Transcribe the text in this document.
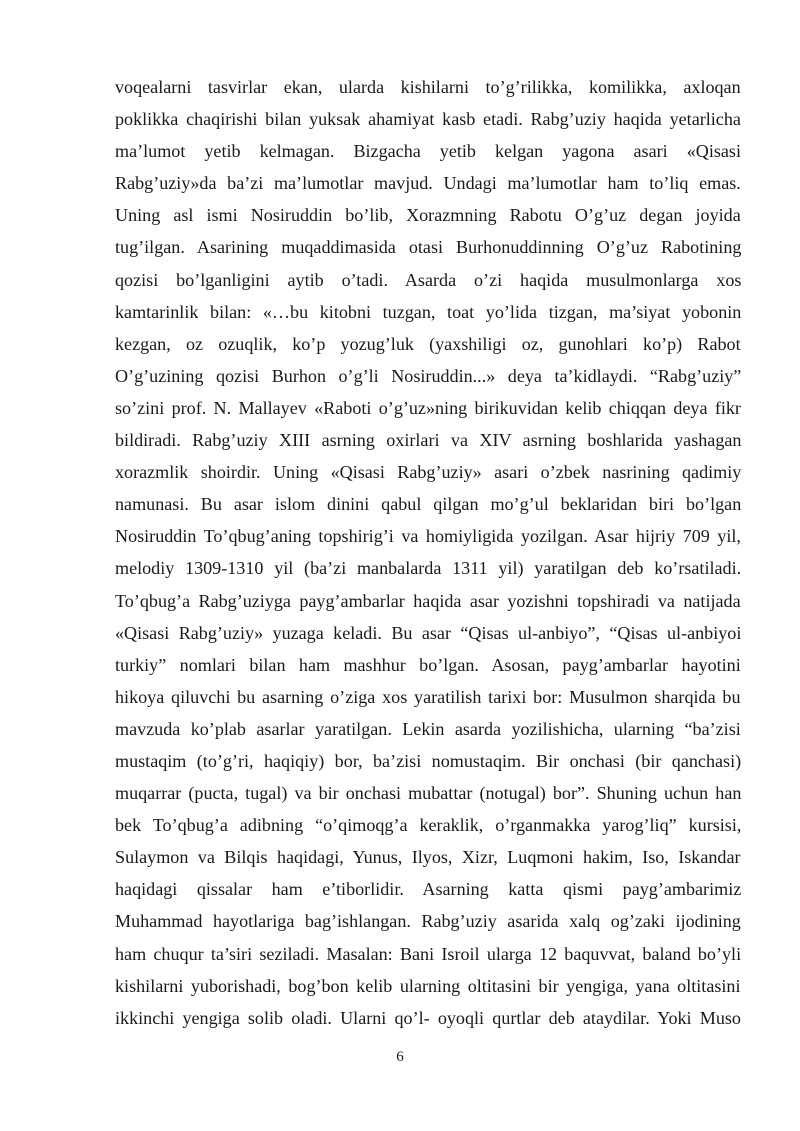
voqealarni tasvirlar ekan, ularda kishilarni to’g’rilikka, komilikka, axloqan
poklikka chaqirishi bilan yuksak ahamiyat kasb etadi. Rabg’uziy haqida yetarlicha
ma’lumot yetib kelmagan. Bizgacha yetib kelgan yagona asari «Qisasi
Rabg’uziy»da ba’zi ma’lumotlar mavjud. Undagi ma’lumotlar ham to’liq emas.
Uning asl ismi Nosiruddin bo’lib, Xorazmning Rabotu O’g’uz degan joyida
tug’ilgan. Asarining muqaddimasida otasi Burhonuddinning O’g’uz Rabotining
qozisi bo’lganligini aytib o’tadi. Asarda o’zi haqida musulmonlarga xos
kamtarinlik bilan: «…bu kitobni tuzgan, toat yo’lida tizgan, ma’siyat yobonin
kezgan, oz ozuqlik, ko’p yozug’luk (yaxshiligi oz, gunohlari ko’p) Rabot
O’g’uzining qozisi Burhon o’g’li Nosiruddin...» deya ta’kidlaydi. “Rabg’uziy”
so’zini prof. N. Mallayev «Raboti o’g’uz»ning birikuvidan kelib chiqqan deya fikr
bildiradi. Rabg’uziy XIII asrning oxirlari va XIV asrning boshlarida yashagan
xorazmlik shoirdir. Uning «Qisasi Rabg’uziy» asari o’zbek nasrining qadimiy
namunasi. Bu asar islom dinini qabul qilgan mo’g’ul beklaridan biri bo’lgan
Nosiruddin To’qbug’aning topshirig’i va homiyligida yozilgan. Asar hijriy 709 yil,
melodiy 1309-1310 yil (ba’zi manbalarda 1311 yil) yaratilgan deb ko’rsatiladi.
To’qbug’a Rabg’uziyga payg’ambarlar haqida asar yozishni topshiradi va natijada
«Qisasi Rabg’uziy» yuzaga keladi. Bu asar “Qisas ul-anbiyo”, “Qisas ul-anbiyoi
turkiy” nomlari bilan ham mashhur bo’lgan. Asosan, payg’ambarlar hayotini
hikoya qiluvchi bu asarning o’ziga xos yaratilish tarixi bor: Musulmon sharqida bu
mavzuda ko’plab asarlar yaratilgan. Lekin asarda yozilishicha, ularning “ba’zisi
mustaqim (to’g’ri, haqiqiy) bor, ba’zisi nomustaqim. Bir onchasi (bir qanchasi)
muqarrar (pucta, tugal) va bir onchasi mubattar (notugal) bor”. Shuning uchun han
bek To’qbug’a adibning “o’qimoqg’a keraklik, o’rganmakka yarog’liq” kursisi,
Sulaymon va Bilqis haqidagi, Yunus, Ilyos, Xizr, Luqmoni hakim, Iso, Iskandar
haqidagi qissalar ham e’tiborlidir. Asarning katta qismi payg’ambarimiz
Muhammad hayotlariga bag’ishlangan. Rabg’uziy asarida xalq og’zaki ijodining
ham chuqur ta’siri seziladi. Masalan: Bani Isroil ularga 12 baquvvat, baland bo’yli
kishilarni yuborishadi, bog’bon kelib ularning oltitasini bir yengiga, yana oltitasini
ikkinchi yengiga solib oladi. Ularni qo’l- oyoqli qurtlar deb ataydilar. Yoki Muso
6
